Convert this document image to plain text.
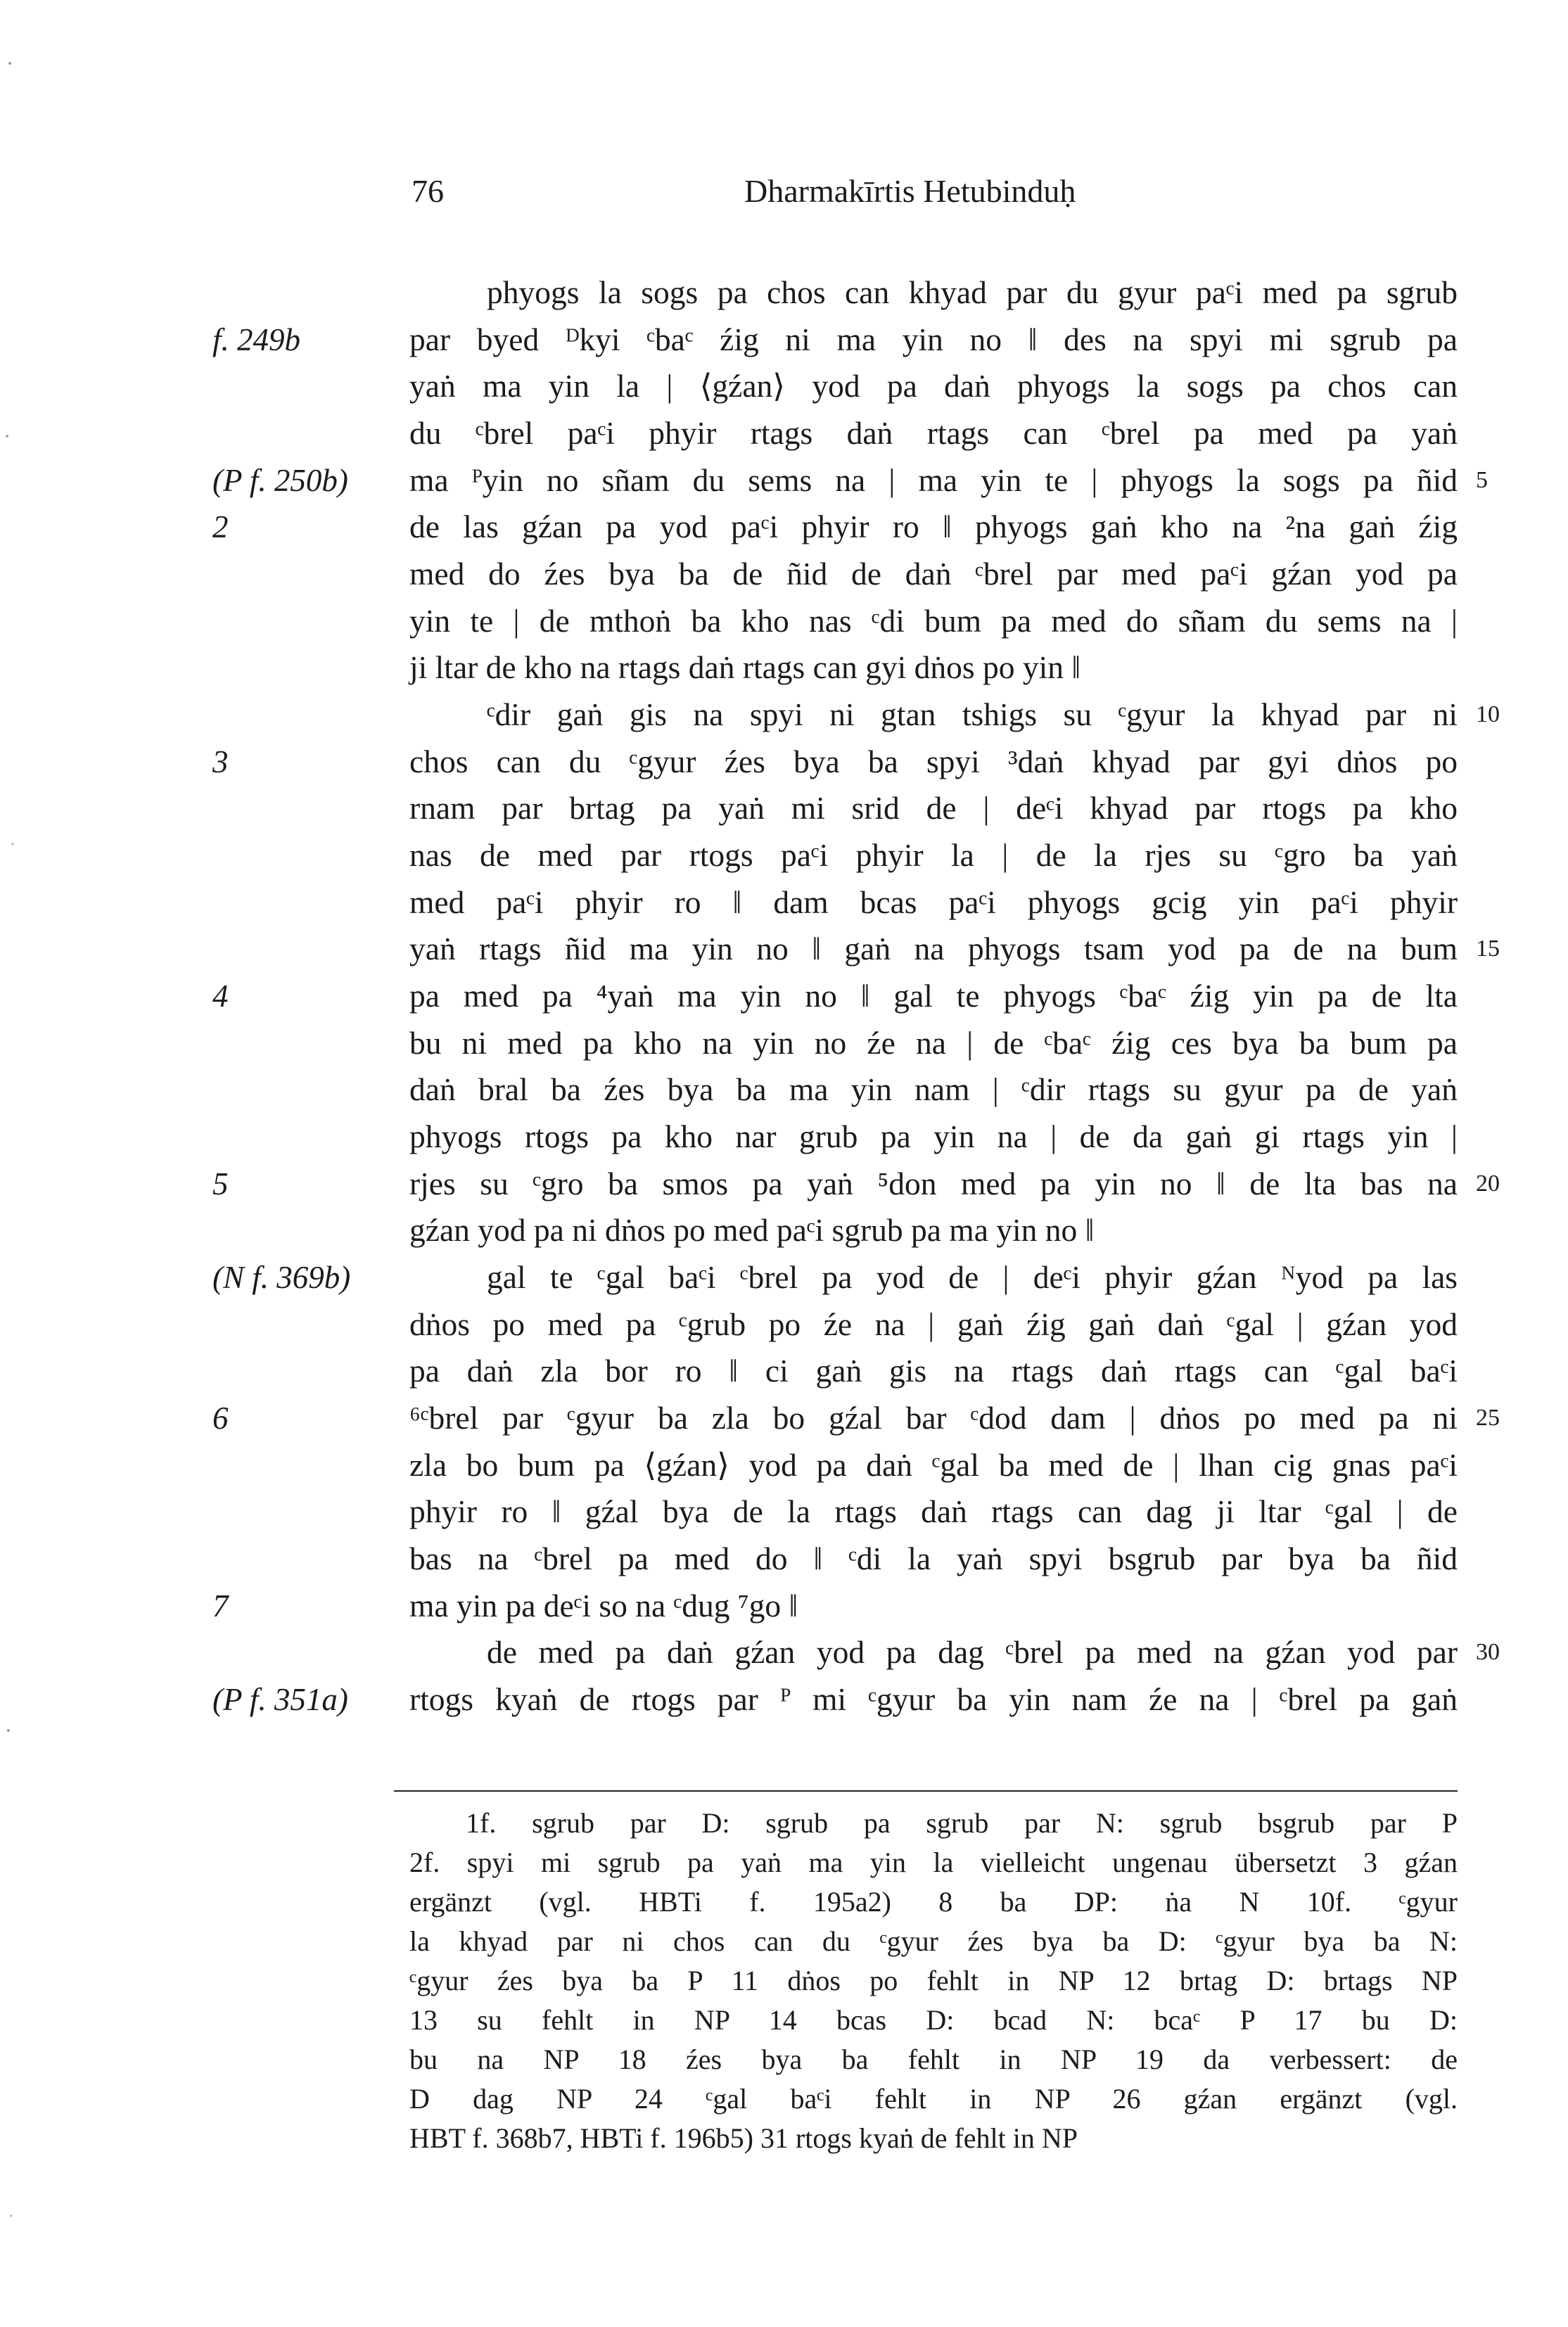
76	Dharmakīrtis Hetubinduḥ
phyogs la sogs pa chos can khyad par du gyur paᶜi med pa sgrub
par byed ᴰkyi ᶜbaᶜ źig ni ma yin no ‖ des na spyi mi sgrub pa
yaṅ ma yin la | ⟨gźan⟩ yod pa daṅ phyogs la sogs pa chos can
du ᶜbrel paᶜi phyir rtags daṅ rtags can ᶜbrel pa med pa yaṅ
ma ᴾyin no sñam du sems na | ma yin te | phyogs la sogs pa ñid
de las gźan pa yod paᶜi phyir ro ‖ phyogs gaṅ kho na ²na gaṅ źig
med do źes bya ba de ñid de daṅ ᶜbrel par med paᶜi gźan yod pa
yin te | de mthoṅ ba kho nas ᶜdi bum pa med do sñam du sems na |
ji ltar de kho na rtags daṅ rtags can gyi dṅos po yin ‖
ᶜdir gaṅ gis na spyi ni gtan tshigs su ᶜgyur la khyad par ni
chos can du ᶜgyur źes bya ba spyi ³daṅ khyad par gyi dṅos po
rnam par brtag pa yaṅ mi srid de | deᶜi khyad par rtogs pa kho
nas de med par rtogs paᶜi phyir la | de la rjes su ᶜgro ba yaṅ
med paᶜi phyir ro ‖ dam bcas paᶜi phyogs gcig yin paᶜi phyir
yaṅ rtags ñid ma yin no ‖ gaṅ na phyogs tsam yod pa de na bum
pa med pa ⁴yaṅ ma yin no ‖ gal te phyogs ᶜbaᶜ źig yin pa de lta
bu ni med pa kho na yin no źe na | de ᶜbaᶜ źig ces bya ba bum pa
daṅ bral ba źes bya ba ma yin nam | ᶜdir rtags su gyur pa de yaṅ
phyogs rtogs pa kho nar grub pa yin na | de da gaṅ gi rtags yin |
rjes su ᶜgro ba smos pa yaṅ ⁵don med pa yin no ‖ de lta bas na
gźan yod pa ni dṅos po med paᶜi sgrub pa ma yin no ‖
gal te ᶜgal baᶜi ᶜbrel pa yod de | deᶜi phyir gźan ᴺyod pa las
dṅos po med pa ᶜgrub po źe na | gaṅ źig gaṅ daṅ ᶜgal | gźan yod
pa daṅ zla bor ro ‖ ci gaṅ gis na rtags daṅ rtags can ᶜgal baᶜi
⁶ᶜbrel par ᶜgyur ba zla bo gźal bar ᶜdod dam | dṅos po med pa ni
zla bo bum pa ⟨gźan⟩ yod pa daṅ ᶜgal ba med de | lhan cig gnas paᶜi
phyir ro ‖ gźal bya de la rtags daṅ rtags can dag ji ltar ᶜgal | de
bas na ᶜbrel pa med do ‖ ᶜdi la yaṅ spyi bsgrub par bya ba ñid
ma yin pa deᶜi so na ᶜdug ⁷go ‖
de med pa daṅ gźan yod pa dag ᶜbrel pa med na gźan yod par
rtogs kyaṅ de rtogs par ᴾ mi ᶜgyur ba yin nam źe na | ᶜbrel pa gaṅ
f. 249b
(P f. 250b)
2
3
4
5
(N f. 369b)
6
7
(P f. 351a)
5
10
15
20
25
30
1f. sgrub par D: sgrub pa sgrub par N: sgrub bsgrub par P
2f. spyi mi sgrub pa yaṅ ma yin la vielleicht ungenau übersetzt 3 gźan
ergänzt (vgl. HBTi f. 195a2) 8 ba DP: ṅa N 10f. ᶜgyur
la khyad par ni chos can du ᶜgyur źes bya ba D: ᶜgyur bya ba N:
ᶜgyur źes bya ba P 11 dṅos po fehlt in NP 12 brtag D: brtags NP
13 su fehlt in NP 14 bcas D: bcad N: bcaᶜ P 17 bu D:
bu na NP 18 źes bya ba fehlt in NP 19 da verbessert: de
D dag NP 24 ᶜgal baᶜi fehlt in NP 26 gźan ergänzt (vgl.
HBT f. 368b7, HBTi f. 196b5) 31 rtogs kyaṅ de fehlt in NP
